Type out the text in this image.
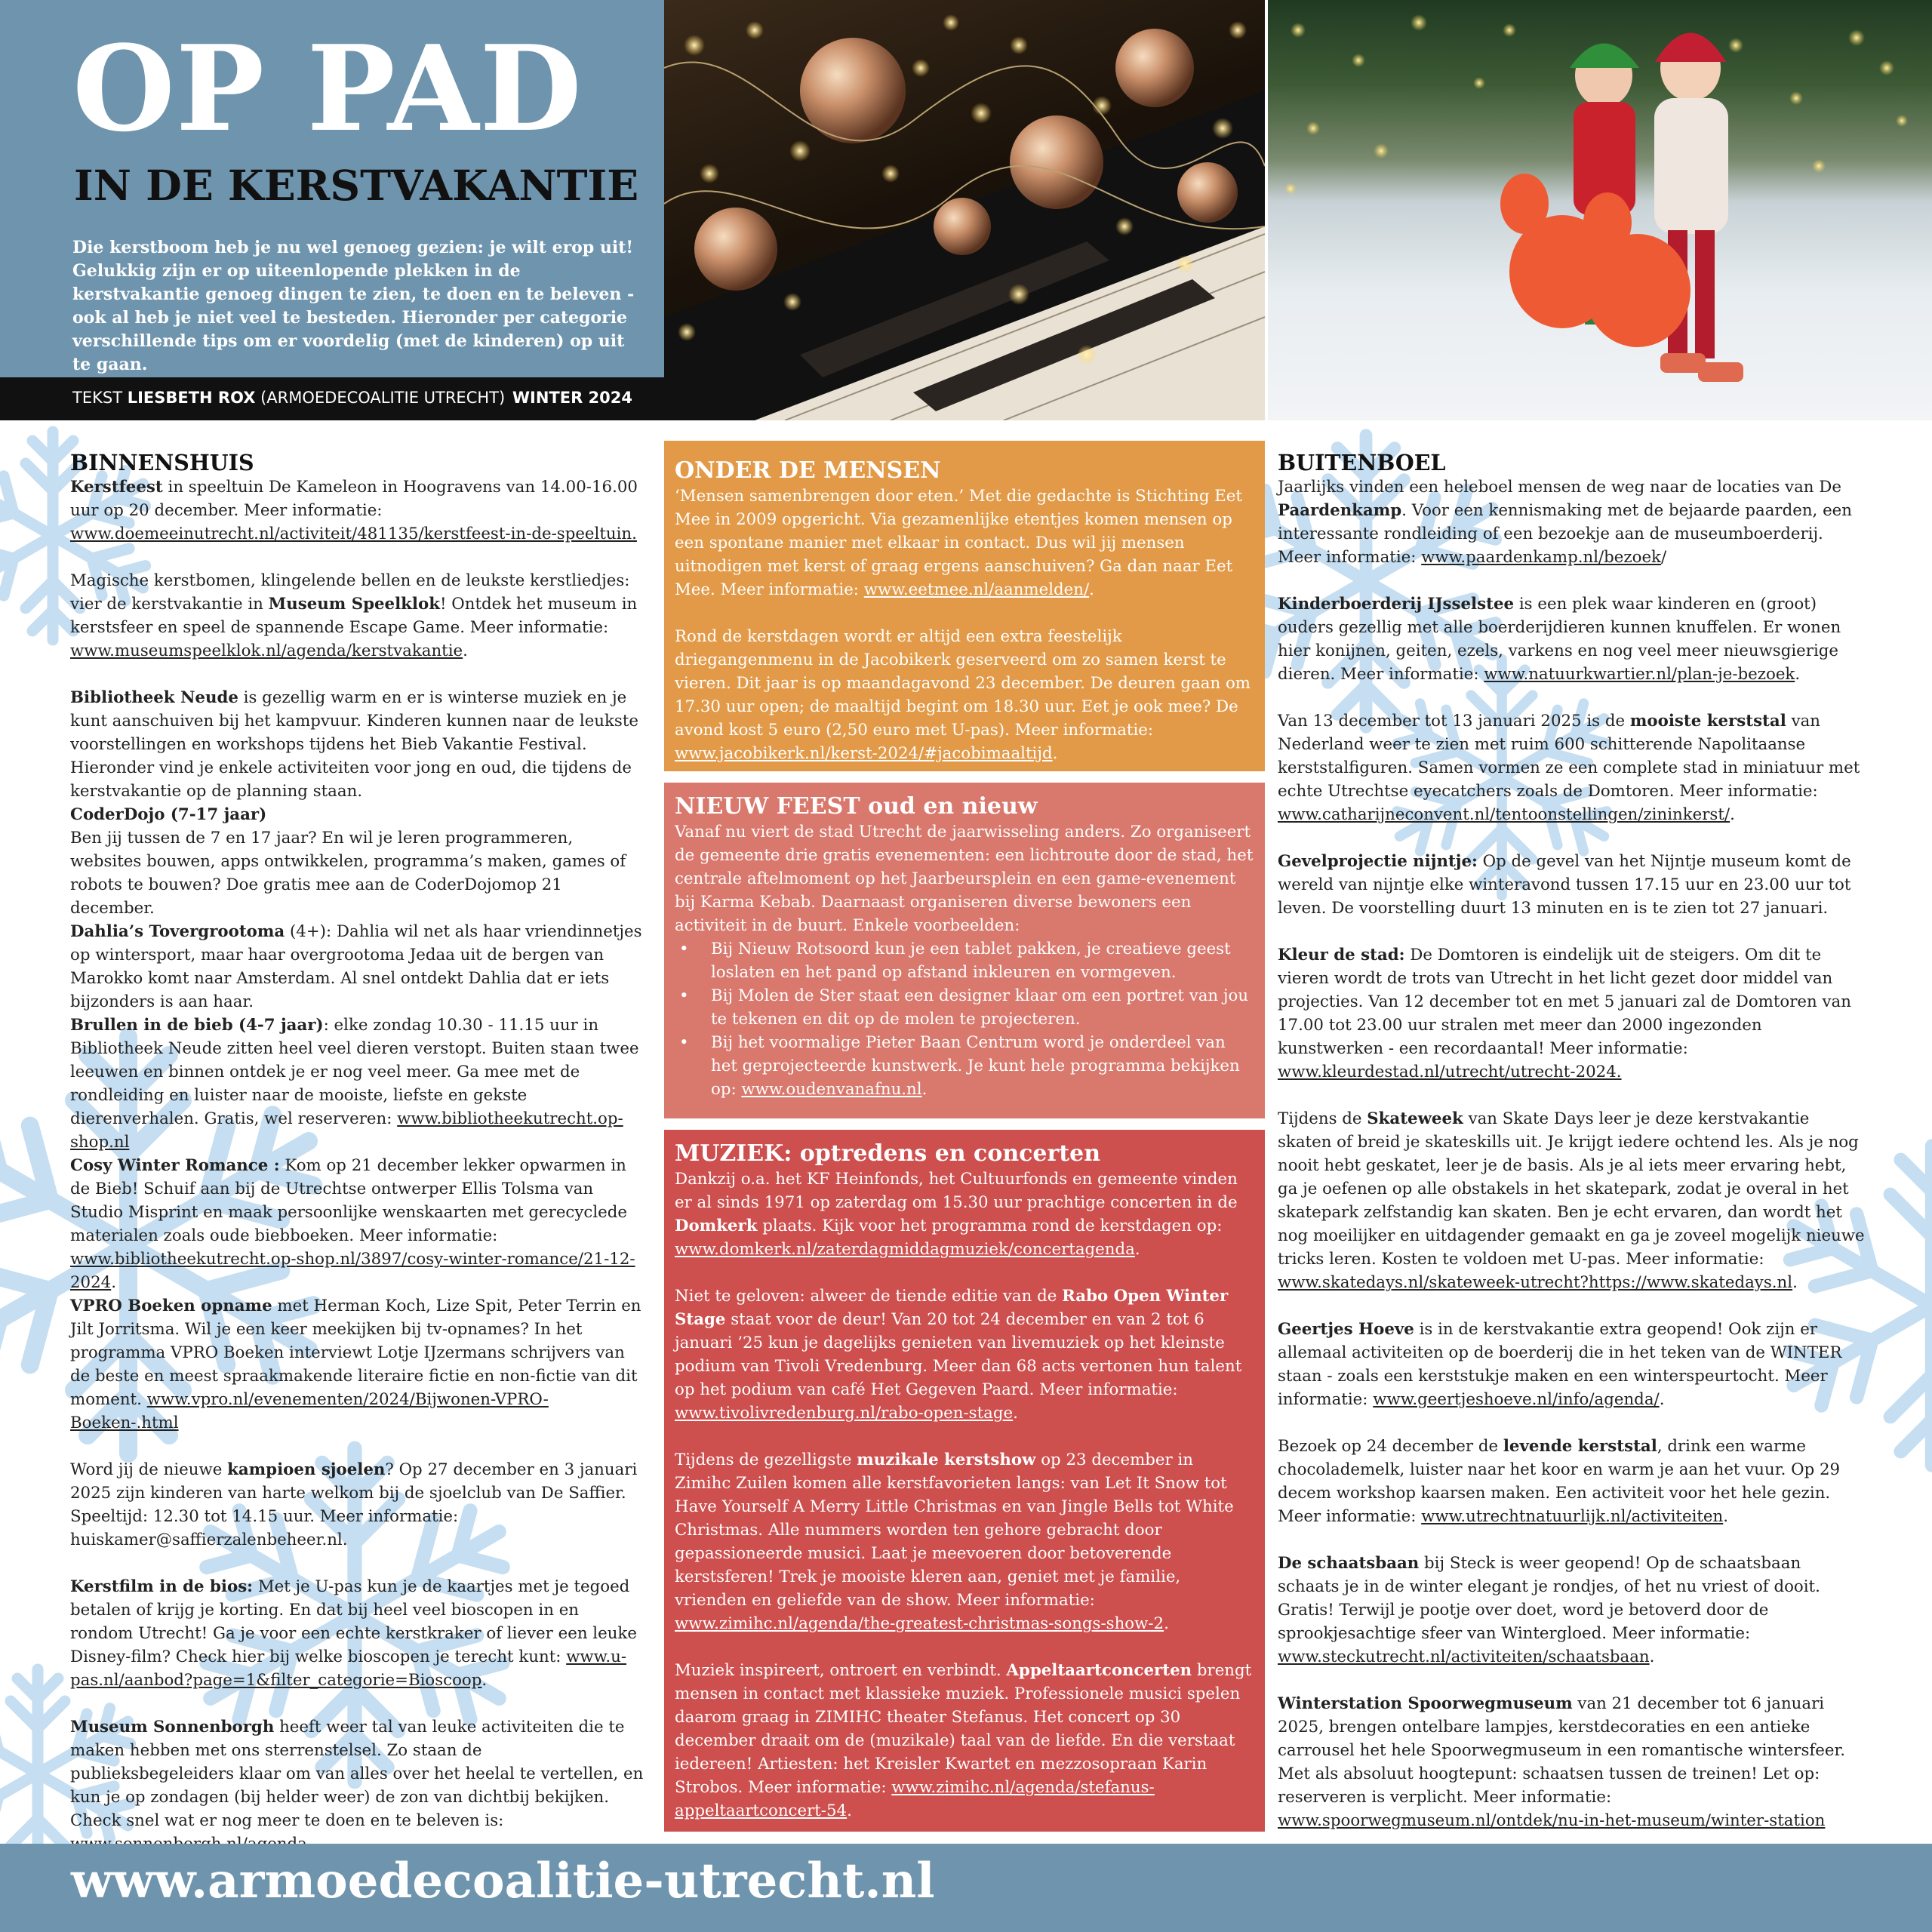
OP PAD
IN DE KERSTVAKANTIE

Die kerstboom heb je nu wel genoeg gezien: je wilt erop uit! Gelukkig zijn er op uiteenlopende plekken in de kerstvakantie genoeg dingen te zien, te doen en te beleven - ook al heb je niet veel te besteden. Hieronder per categorie verschillende tips om er voordelig (met de kinderen) op uit te gaan.

TEKST LIESBETH ROX (ARMOEDECOALITIE UTRECHT) WINTER 2024
BINNENSHUIS

Kerstfeest in speeltuin De Kameleon in Hoogravens van 14.00-16.00 uur op 20 december. Meer informatie: www.doemeeinutrecht.nl/activiteit/481135/kerstfeest-in-de-speeltuin.

Magische kerstbomen, klingelende bellen en de leukste kerstliedjes: vier de kerstvakantie in Museum Speelklok! Ontdek het museum in kerstsfeer en speel de spannende Escape Game. Meer informatie: www.museumspeelklok.nl/agenda/kerstvakantie.

Bibliotheek Neude is gezellig warm en er is winterse muziek en je kunt aanschuiven bij het kampvuur. Kinderen kunnen naar de leukste voorstellingen en workshops tijdens het Bieb Vakantie Festival. Hieronder vind je enkele activiteiten voor jong en oud, die tijdens de kerstvakantie op de planning staan.

CoderDojo (7-17 jaar)
Ben jij tussen de 7 en 17 jaar? En wil je leren programmeren, websites bouwen, apps ontwikkelen, programma’s maken, games of robots te bouwen? Doe gratis mee aan de CoderDojomop 21 december.

Dahlia’s Tovergrootoma (4+): Dahlia wil net als haar vriendinnetjes op wintersport, maar haar overgrootoma Jedaa uit de bergen van Marokko komt naar Amsterdam. Al snel ontdekt Dahlia dat er iets bijzonders is aan haar.

Brullen in de bieb (4-7 jaar): elke zondag 10.30 - 11.15 uur in Bibliotheek Neude zitten heel veel dieren verstopt. Buiten staan twee leeuwen en binnen ontdek je er nog veel meer. Ga mee met de rondleiding en luister naar de mooiste, liefste en gekste dierenverhalen. Gratis, wel reserveren: www.bibliotheekutrecht.op-shop.nl

Cosy Winter Romance : Kom op 21 december lekker opwarmen in de Bieb! Schuif aan bij de Utrechtse ontwerper Ellis Tolsma van Studio Misprint en maak persoonlijke wenskaarten met gerecyclede materialen zoals oude biebboeken. Meer informatie: www.bibliotheekutrecht.op-shop.nl/3897/cosy-winter-romance/21-12-2024.

VPRO Boeken opname met Herman Koch, Lize Spit, Peter Terrin en Jilt Jorritsma. Wil je een keer meekijken bij tv-opnames? In het programma VPRO Boeken interviewt Lotje IJzermans schrijvers van de beste en meest spraakmakende literaire fictie en non-fictie van dit moment. www.vpro.nl/evenementen/2024/Bijwonen-VPRO-Boeken-.html

Word jij de nieuwe kampioen sjoelen? Op 27 december en 3 januari 2025 zijn kinderen van harte welkom bij de sjoelclub van De Saffier. Speeltijd: 12.30 tot 14.15 uur. Meer informatie: huiskamer@saffierzalenbeheer.nl.

Kerstfilm in de bios: Met je U-pas kun je de kaartjes met je tegoed betalen of krijg je korting. En dat bij heel veel bioscopen in en rondom Utrecht! Ga je voor een echte kerstkraker of liever een leuke Disney-film? Check hier bij welke bioscopen je terecht kunt: www.u-pas.nl/aanbod?page=1&filter_categorie=Bioscoop.

Museum Sonnenborgh heeft weer tal van leuke activiteiten die te maken hebben met ons sterrenstelsel. Zo staan de publieksbegeleiders klaar om van alles over het heelal te vertellen, en kun je op zondagen (bij helder weer) de zon van dichtbij bekijken. Check snel wat er nog meer te doen en te beleven is:

ONDER DE MENSEN

‘Mensen samenbrengen door eten.’ Met die gedachte is Stichting Eet Mee in 2009 opgericht. Via gezamenlijke etentjes komen mensen op een spontane manier met elkaar in contact. Dus wil jij mensen uitnodigen met kerst of graag ergens aanschuiven? Ga dan naar Eet Mee. Meer informatie: www.eetmee.nl/aanmelden/.

Rond de kerstdagen wordt er altijd een extra feestelijk driegangenmenu in de Jacobikerk geserveerd om zo samen kerst te vieren. Dit jaar is op maandagavond 23 december. De deuren gaan om 17.30 uur open; de maaltijd begint om 18.30 uur. Eet je ook mee? De avond kost 5 euro (2,50 euro met U-pas). Meer informatie: www.jacobikerk.nl/kerst-2024/#jacobimaaltijd.

NIEUW FEEST oud en nieuw

Vanaf nu viert de stad Utrecht de jaarwisseling anders. Zo organiseert de gemeente drie gratis evenementen: een lichtroute door de stad, het centrale aftelmoment op het Jaarbeursplein en een game-evenement bij Karma Kebab. Daarnaast organiseren diverse bewoners een activiteit in de buurt. Enkele voorbeelden:

• Bij Nieuw Rotsoord kun je een tablet pakken, je creatieve geest loslaten en het pand op afstand inkleuren en vormgeven.
• Bij Molen de Ster staat een designer klaar om een portret van jou te tekenen en dit op de molen te projecteren.
• Bij het voormalige Pieter Baan Centrum word je onderdeel van het geprojecteerde kunstwerk. Je kunt hele programma bekijken op: www.oudenvanafnu.nl.
MUZIEK: optredens en concerten

Dankzij o.a. het KF Heinfonds, het Cultuurfonds en gemeente vinden er al sinds 1971 op zaterdag om 15.30 uur prachtige concerten in de Domkerk plaats. Kijk voor het programma rond de kerstdagen op: www.domkerk.nl/zaterdagmiddagmuziek/concertagenda.

Niet te geloven: alweer de tiende editie van de Rabo Open Winter Stage staat voor de deur! Van 20 tot 24 december en van 2 tot 6 januari ’25 kun je dagelijks genieten van livemuziek op het kleinste podium van Tivoli Vredenburg. Meer dan 68 acts vertonen hun talent op het podium van café Het Gegeven Paard. Meer informatie: www.tivolivredenburg.nl/rabo-open-stage.

Tijdens de gezelligste muzikale kerstshow op 23 december in Zimihc Zuilen komen alle kerstfavorieten langs: van Let It Snow tot Have Yourself A Merry Little Christmas en van Jingle Bells tot White Christmas. Alle nummers worden ten gehore gebracht door gepassioneerde musici. Laat je meevoeren door betoverende kerstsferen! Trek je mooiste kleren aan, geniet met je familie, vrienden en geliefde van de show. Meer informatie: www.zimihc.nl/agenda/the-greatest-christmas-songs-show-2.

Muziek inspireert, ontroert en verbindt. Appeltaartconcerten brengt mensen in contact met klassieke muziek. Professionele musici spelen daarom graag in ZIMIHC theater Stefanus. Het concert op 30 december draait om de (muzikale) taal van de liefde. En die verstaat iedereen! Artiesten: het Kreisler Kwartet en mezzosopraan Karin Strobos. Meer informatie: www.zimihc.nl/agenda/stefanus-appeltaartconcert-54.

BUITENBOEL

Jaarlijks vinden een heleboel mensen de weg naar de locaties van De Paardenkamp. Voor een kennismaking met de bejaarde paarden, een interessante rondleiding of een bezoekje aan de museumboerderij. Meer informatie: www.paardenkamp.nl/bezoek/

Kinderboerderij IJsselstee is een plek waar kinderen en (groot) ouders gezellig met alle boerderijdieren kunnen knuffelen. Er wonen hier konijnen, geiten, ezels, varkens en nog veel meer nieuwsgierige dieren. Meer informatie: www.natuurkwartier.nl/plan-je-bezoek.

Van 13 december tot 13 januari 2025 is de mooiste kerststal van Nederland weer te zien met ruim 600 schitterende Napolitaanse kerststalfiguren. Samen vormen ze een complete stad in miniatuur met echte Utrechtse eyecatchers zoals de Domtoren. Meer informatie: www.catharijneconvent.nl/tentoonstellingen/zininkerst/.

Gevelprojectie nijntje: Op de gevel van het Nijntje museum komt de wereld van nijntje elke winteravond tussen 17.15 uur en 23.00 uur tot leven. De voorstelling duurt 13 minuten en is te zien tot 27 januari.

Kleur de stad: De Domtoren is eindelijk uit de steigers. Om dit te vieren wordt de trots van Utrecht in het licht gezet door middel van projecties. Van 12 december tot en met 5 januari zal de Domtoren van 17.00 tot 23.00 uur stralen met meer dan 2000 ingezonden kunstwerken - een recordaantal! Meer informatie: www.kleurdestad.nl/utrecht/utrecht-2024.

Tijdens de Skateweek van Skate Days leer je deze kerstvakantie skaten of breid je skateskills uit. Je krijgt iedere ochtend les. Als je nog nooit hebt geskatet, leer je de basis. Als je al iets meer ervaring hebt, ga je oefenen op alle obstakels in het skatepark, zodat je overal in het skatepark zelfstandig kan skaten. Ben je echt ervaren, dan wordt het nog moeilijker en uitdagender gemaakt en ga je zoveel mogelijk nieuwe tricks leren. Kosten te voldoen met U-pas. Meer informatie: www.skatedays.nl/skateweek-utrecht?https://www.skatedays.nl.

Geertjes Hoeve is in de kerstvakantie extra geopend! Ook zijn er allemaal activiteiten op de boerderij die in het teken van de WINTER staan - zoals een kerststukje maken en een winterspeurtocht. Meer informatie: www.geertjeshoeve.nl/info/agenda/.

Bezoek op 24 december de levende kerststal, drink een warme chocolademelk, luister naar het koor en warm je aan het vuur. Op 29 decem workshop kaarsen maken. Een activiteit voor het hele gezin. Meer informatie: www.utrechtnatuurlijk.nl/activiteiten.

De schaatsbaan bij Steck is weer geopend! Op de schaatsbaan schaats je in de winter elegant je rondjes, of het nu vriest of dooit. Gratis! Terwijl je pootje over doet, word je betoverd door de sprookjesachtige sfeer van Wintergloed. Meer informatie: www.steckutrecht.nl/activiteiten/schaatsbaan.

Winterstation Spoorwegmuseum van 21 december tot 6 januari 2025, brengen ontelbare lampjes, kerstdecoraties en een antieke carrousel het hele Spoorwegmuseum in een romantische wintersfeer. Met als absoluut hoogtepunt: schaatsen tussen de treinen! Let op: reserveren is verplicht. Meer informatie: www.spoorwegmuseum.nl/ontdek/nu-in-het-museum/winter-station

www.armoedecoalitie-utrecht.nl
